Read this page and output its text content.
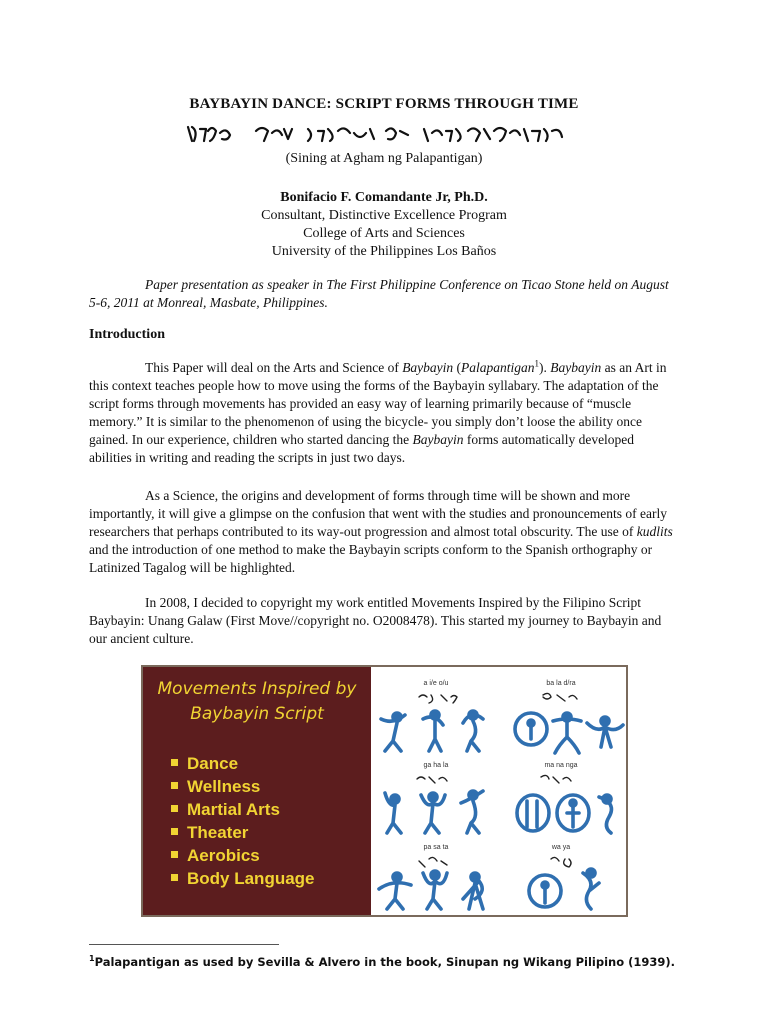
BAYBAYIN DANCE: SCRIPT FORMS THROUGH TIME
(Sining at Agham ng Palapantigan)
Bonifacio F. Comandante Jr, Ph.D.
Consultant, Distinctive Excellence Program
College of Arts and Sciences
University of the Philippines Los Baños
Paper presentation as speaker in The First Philippine Conference on Ticao Stone held on August 5-6, 2011 at Monreal, Masbate, Philippines.
Introduction

This Paper will deal on the Arts and Science of Baybayin (Palapantigan$^1$). Baybayin as an Art in this context teaches people how to move using the forms of the Baybayin syllabary. The adaptation of the script forms through movements has provided an easy way of learning primarily because of “muscle memory.” It is similar to the phenomenon of using the bicycle- you simply don’t loose the ability once gained. In our experience, children who started dancing the Baybayin forms automatically developed abilities in writing and reading the scripts in just two days.

As a Science, the origins and development of forms through time will be shown and more importantly, it will give a glimpse on the confusion that went with the studies and pronouncements of early researchers that perhaps contributed to its way-out progression and almost total obscurity. The use of kudlits and the introduction of one method to make the Baybayin scripts conform to the Spanish orthography or Latinized Tagalog will be highlighted.

In 2008, I decided to copyright my work entitled Movements Inspired by the Filipino Script Baybayin: Unang Galaw (First Move//copyright no. O2008478). This started my journey to Baybayin and our ancient culture.

Movements Inspired by
Baybayin Script
Dance
Wellness
Martial Arts
Theater
Aerobics
Body Language
a i/e o/u	ba la d/ra
ga ha la	ma na nga
pa sa ta	wa ya
$^1$Palapantigan as used by Sevilla & Alvero in the book, Sinupan ng Wikang Pilipino (1939).
